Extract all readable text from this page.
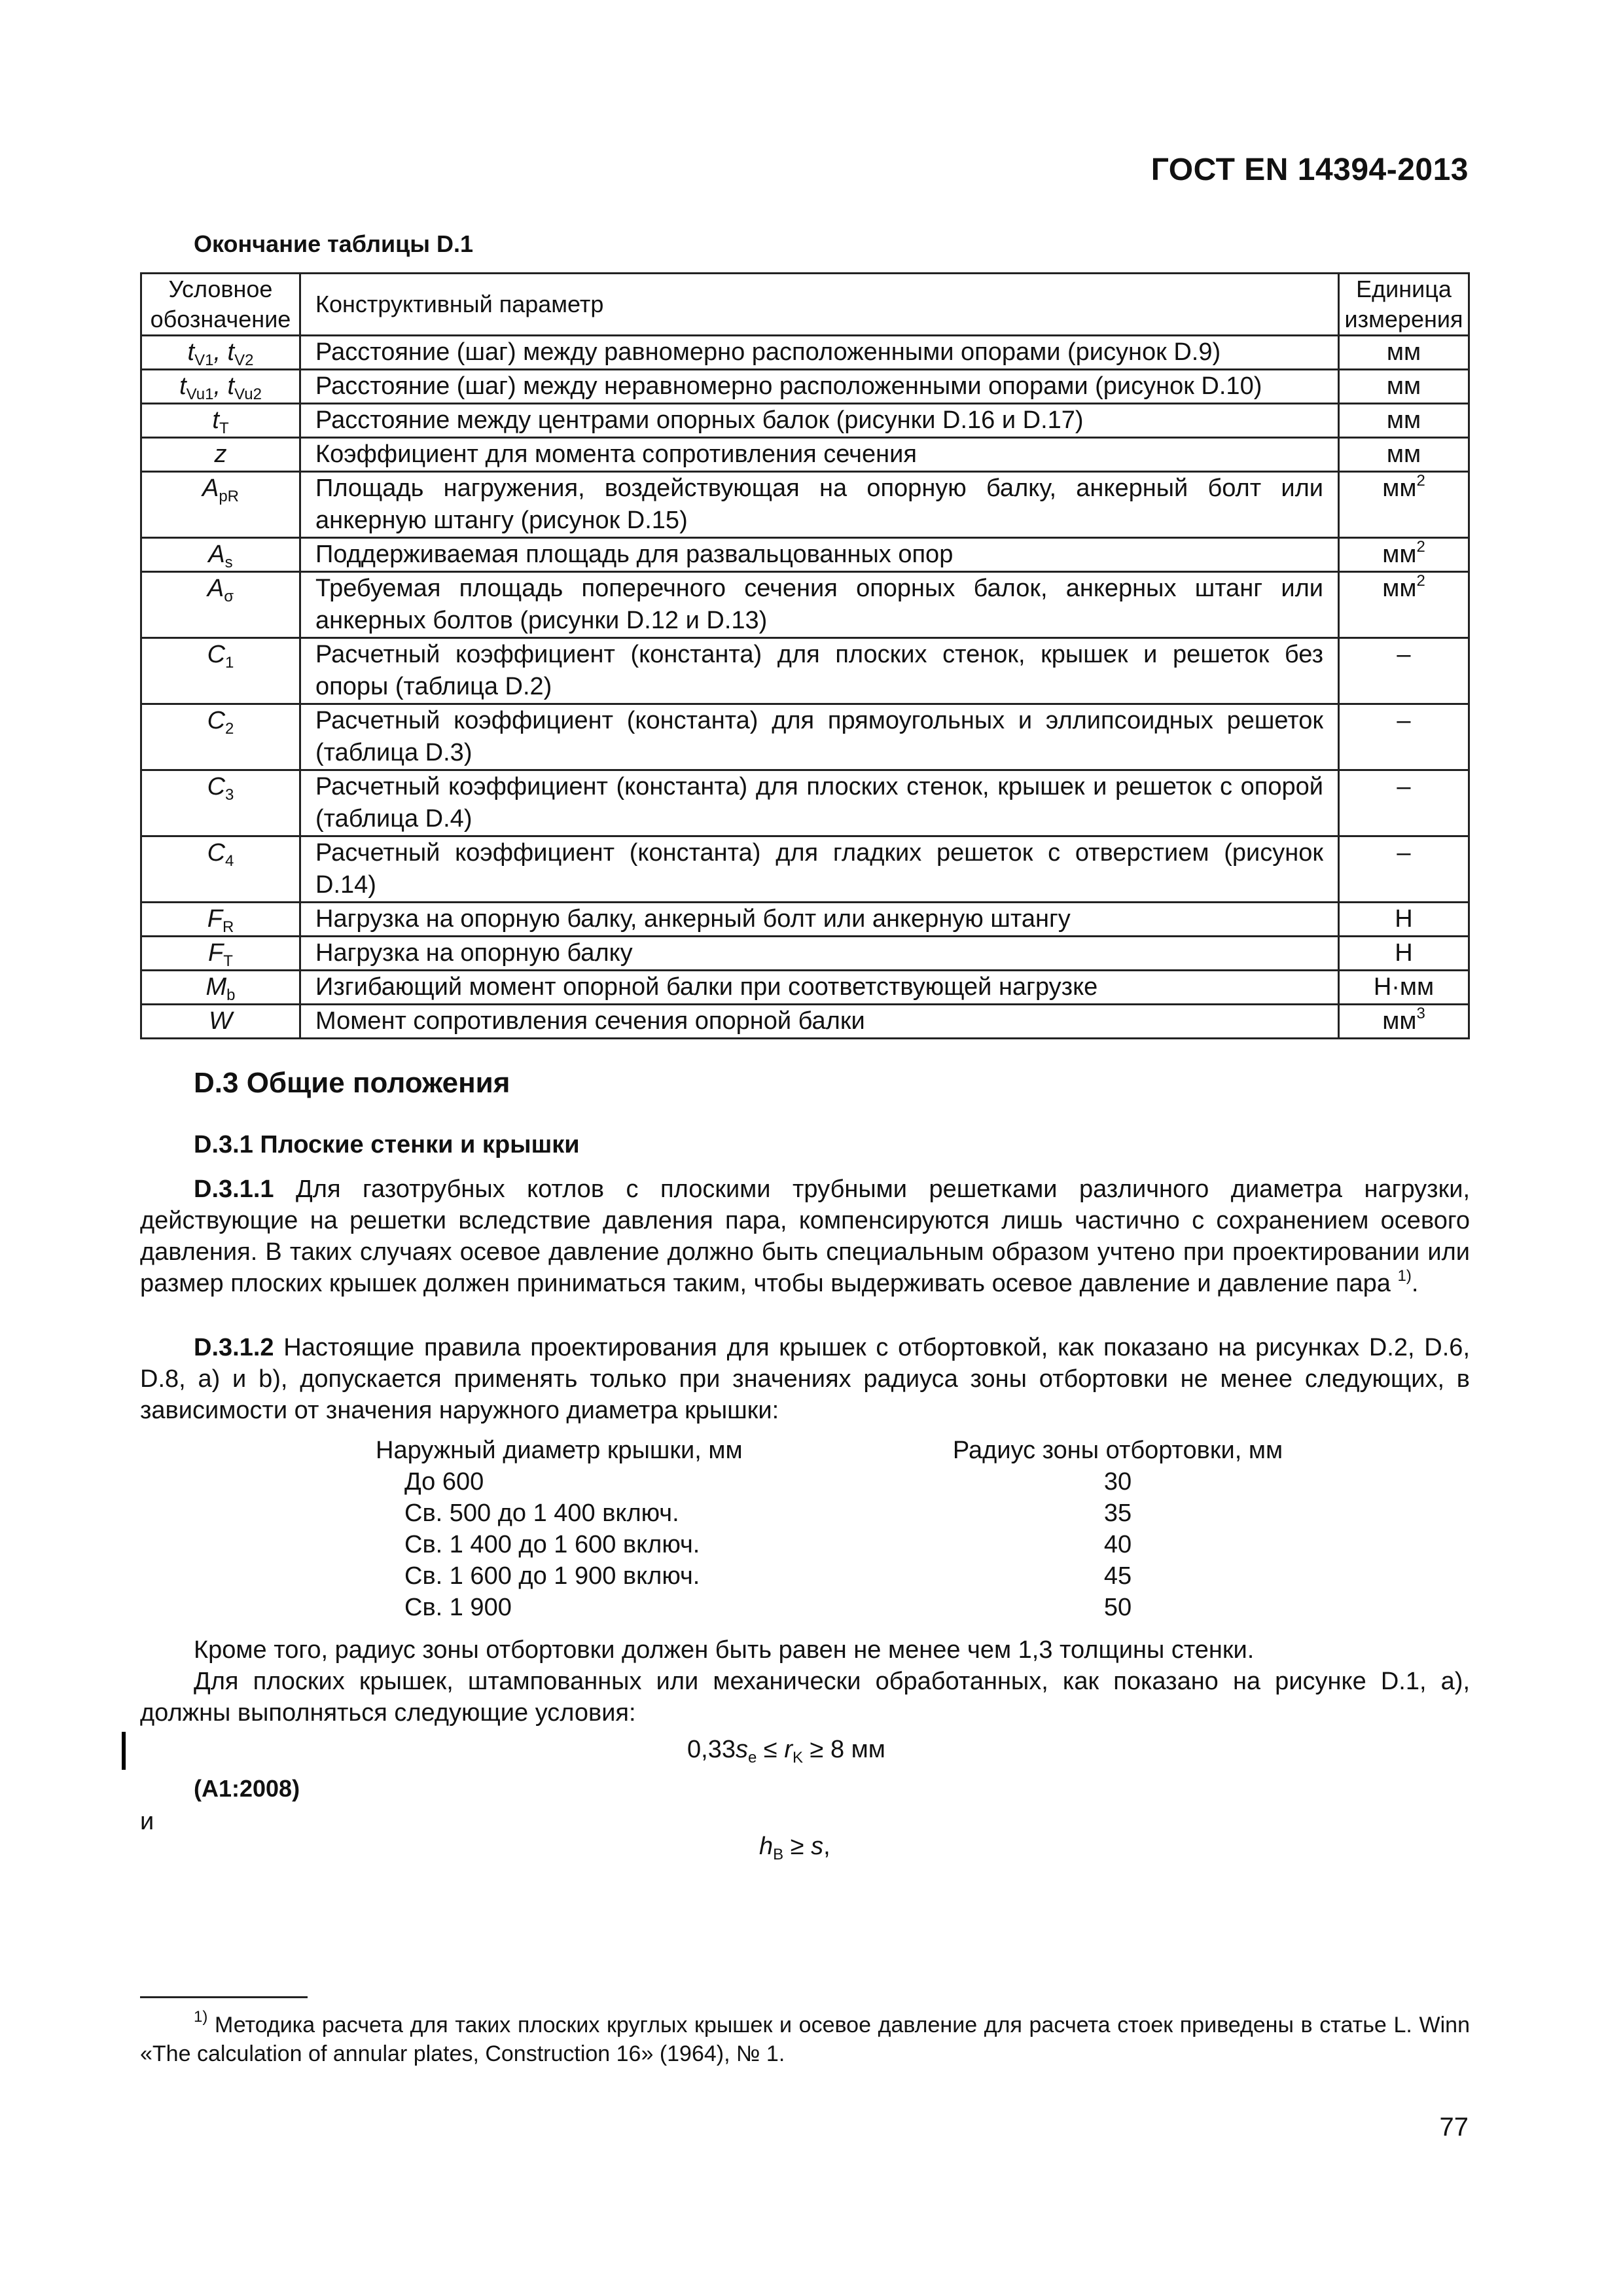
ГОСТ EN 14394-2013
Окончание таблицы D.1
Условное обозначение	Конструктивный параметр	Единица измерения
$t_{V1}$, $t_{V2}$	Расстояние (шаг) между равномерно расположенными опорами (рисунок D.9)	мм
$t_{Vu1}$, $t_{Vu2}$	Расстояние (шаг) между неравномерно расположенными опорами (рисунок D.10)	мм
$t_T$	Расстояние между центрами опорных балок (рисунки D.16 и D.17)	мм
z	Коэффициент для момента сопротивления сечения	мм
$A_{pR}$	Площадь нагружения, воздействующая на опорную балку, анкерный болт или анкерную штангу (рисунок D.15)	$мм^2$
$A_s$	Поддерживаемая площадь для развальцованных опор	$мм^2$
$A_\sigma$	Требуемая площадь поперечного сечения опорных балок, анкерных штанг или анкерных болтов (рисунки D.12 и D.13)	$мм^2$
$C_1$	Расчетный коэффициент (константа) для плоских стенок, крышек и решеток без опоры (таблица D.2)	–
$C_2$	Расчетный коэффициент (константа) для прямоугольных и эллипсоидных решеток (таблица D.3)	–
$C_3$	Расчетный коэффициент (константа) для плоских стенок, крышек и решеток с опорой (таблица D.4)	–
$C_4$	Расчетный коэффициент (константа) для гладких решеток с отверстием (рисунок D.14)	–
$F_R$	Нагрузка на опорную балку, анкерный болт или анкерную штангу	Н
$F_T$	Нагрузка на опорную балку	Н
$M_b$	Изгибающий момент опорной балки при соответствующей нагрузке	Н·мм
W	Момент сопротивления сечения опорной балки	$мм^3$
D.3 Общие положения
D.3.1 Плоские стенки и крышки
D.3.1.1 Для газотрубных котлов с плоскими трубными решетками различного диаметра нагрузки, действующие на решетки вследствие давления пара, компенсируются лишь частично с сохранением осевого давления. В таких случаях осевое давление должно быть специальным образом учтено при проектировании или размер плоских крышек должен приниматься таким, чтобы выдерживать осевое давление и давление пара $^{1)}$.
D.3.1.2 Настоящие правила проектирования для крышек с отбортовкой, как показано на рисунках D.2, D.6, D.8, а) и b), допускается применять только при значениях радиуса зоны отбортовки не менее следующих, в зависимости от значения наружного диаметра крышки:
Наружный диаметр крышки, мм	Радиус зоны отбортовки, мм
До 600	30
Св. 500 до 1 400 включ.	35
Св. 1 400 до 1 600 включ.	40
Св. 1 600 до 1 900 включ.	45
Св. 1 900	50
Кроме того, радиус зоны отбортовки должен быть равен не менее чем 1,3 толщины стенки.
Для плоских крышек, штампованных или механически обработанных, как показано на рисунке D.1, а), должны выполняться следующие условия:
$0,33s_e \le r_K \ge 8$ мм
(А1:2008)
и
$h_B \ge s$,
$^{1)}$ Методика расчета для таких плоских круглых крышек и осевое давление для расчета стоек приведены в статье L. Winn «The calculation of annular plates, Construction 16» (1964), № 1.
77
